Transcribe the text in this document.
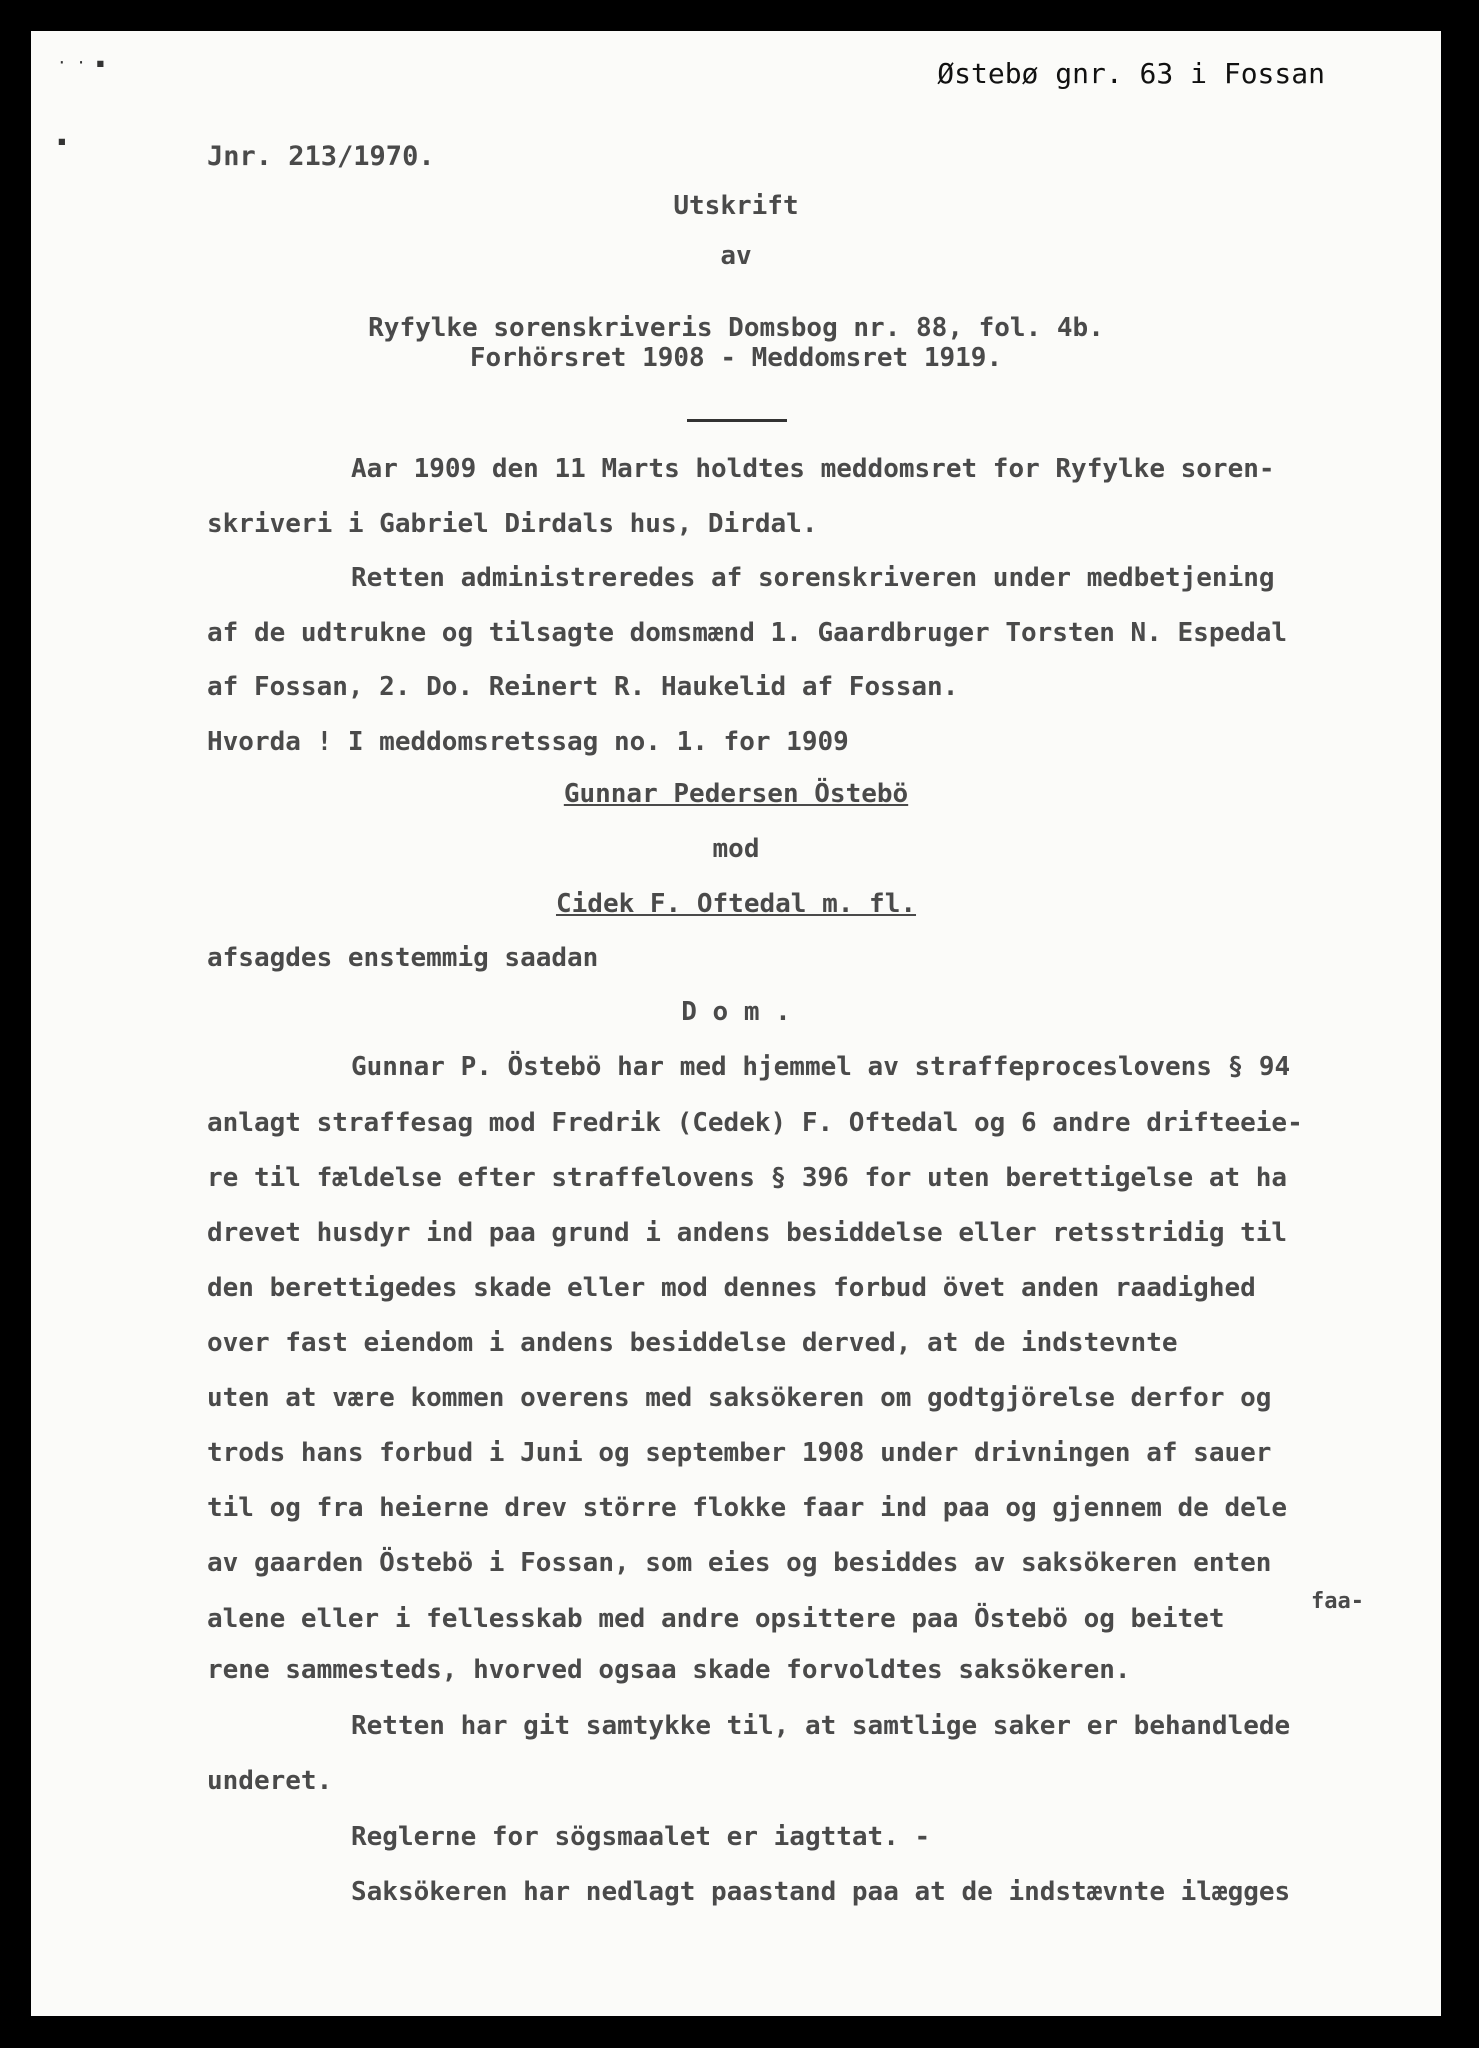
· · ▪
▪
Østebø gnr. 63 i Fossan
Jnr. 213/1970.
Utskrift
av
Ryfylke sorenskriveris Domsbog nr. 88, fol. 4b.
Forhörsret 1908 - Meddomsret 1919.
Aar 1909 den 11 Marts holdtes meddomsret for Ryfylke soren-
skriveri i Gabriel Dirdals hus, Dirdal.
Retten administreredes af sorenskriveren under medbetjening
af de udtrukne og tilsagte domsmænd 1. Gaardbruger Torsten N. Espedal
af Fossan, 2. Do. Reinert R. Haukelid af Fossan.
Hvorda ! I meddomsretssag no. 1. for 1909
Gunnar Pedersen Östebö
mod
Cidek F. Oftedal m. fl.
afsagdes enstemmig saadan
D o m .
Gunnar P. Östebö har med hjemmel av straffeproceslovens § 94
anlagt straffesag mod Fredrik (Cedek) F. Oftedal og 6 andre drifteeie-
re til fældelse efter straffelovens § 396 for uten berettigelse at ha
drevet husdyr ind paa grund i andens besiddelse eller retsstridig til
den berettigedes skade eller mod dennes forbud övet anden raadighed
over fast eiendom i andens besiddelse derved, at de indstevnte
uten at være kommen overens med saksökeren om godtgjörelse derfor og
trods hans forbud i Juni og september 1908 under drivningen af sauer
til og fra heierne drev större flokke faar ind paa og gjennem de dele
av gaarden Östebö i Fossan, som eies og besiddes av saksökeren enten
alene eller i fellesskab med andre opsittere paa Östebö og beitet
faa-
rene sammesteds, hvorved ogsaa skade forvoldtes saksökeren.
Retten har git samtykke til, at samtlige saker er behandlede
underet.
Reglerne for sögsmaalet er iagttat. -
Saksökeren har nedlagt paastand paa at de indstævnte ilægges
